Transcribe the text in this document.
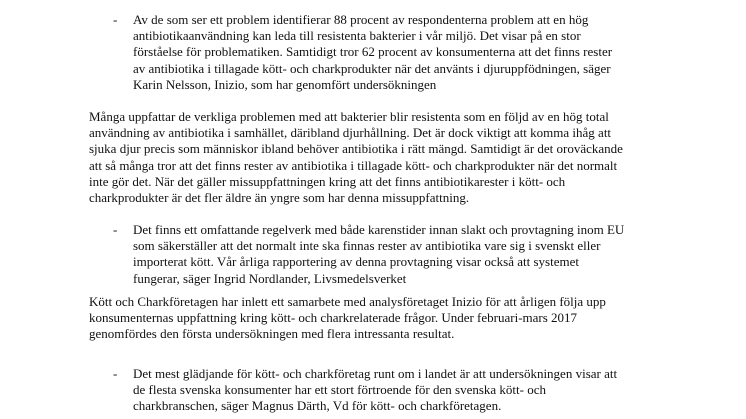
- Av de som ser ett problem identifierar 88 procent av respondenterna problem att en hög
antibiotikaanvändning kan leda till resistenta bakterier i vår miljö. Det visar på en stor
förståelse för problematiken. Samtidigt tror 62 procent av konsumenterna att det finns rester
av antibiotika i tillagade kött- och charkprodukter när det använts i djuruppfödningen, säger
Karin Nelsson, Inizio, som har genomfört undersökningen

Många uppfattar de verkliga problemen med att bakterier blir resistenta som en följd av en hög total
användning av antibiotika i samhället, däribland djurhållning. Det är dock viktigt att komma ihåg att
sjuka djur precis som människor ibland behöver antibiotika i rätt mängd. Samtidigt är det oroväckande
att så många tror att det finns rester av antibiotika i tillagade kött- och charkprodukter när det normalt
inte gör det. När det gäller missuppfattningen kring att det finns antibiotikarester i kött- och
charkprodukter är det fler äldre än yngre som har denna missuppfattning.

- Det finns ett omfattande regelverk med både karenstider innan slakt och provtagning inom EU
som säkerställer att det normalt inte ska finnas rester av antibiotika vare sig i svenskt eller
importerat kött. Vår årliga rapportering av denna provtagning visar också att systemet
fungerar, säger Ingrid Nordlander, Livsmedelsverket

Kött och Charkföretagen har inlett ett samarbete med analysföretaget Inizio för att årligen följa upp
konsumenternas uppfattning kring kött- och charkrelaterade frågor. Under februari-mars 2017
genomfördes den första undersökningen med flera intressanta resultat.

- Det mest glädjande för kött- och charkföretag runt om i landet är att undersökningen visar att
de flesta svenska konsumenter har ett stort förtroende för den svenska kött- och
charkbranschen, säger Magnus Därth, Vd för kött- och charkföretagen.
